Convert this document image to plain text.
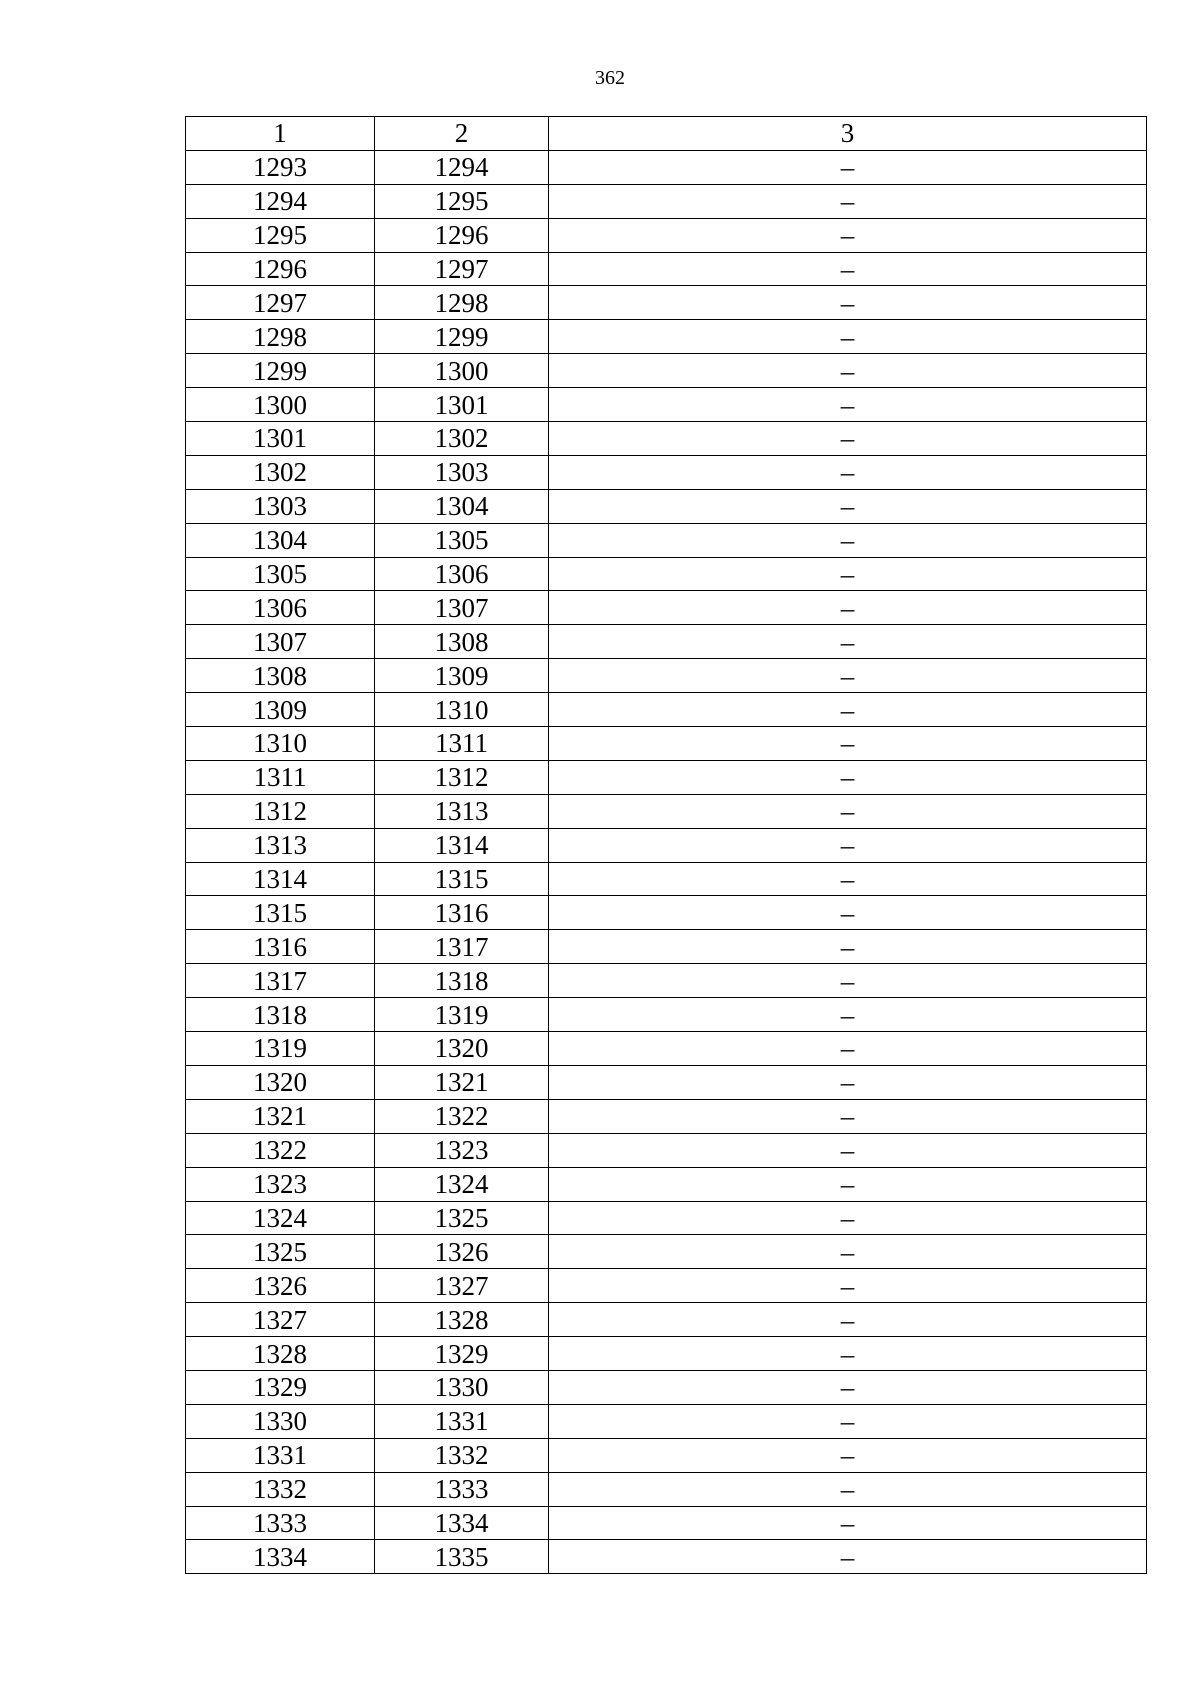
362
1	2	3
1293	1294	–
1294	1295	–
1295	1296	–
1296	1297	–
1297	1298	–
1298	1299	–
1299	1300	–
1300	1301	–
1301	1302	–
1302	1303	–
1303	1304	–
1304	1305	–
1305	1306	–
1306	1307	–
1307	1308	–
1308	1309	–
1309	1310	–
1310	1311	–
1311	1312	–
1312	1313	–
1313	1314	–
1314	1315	–
1315	1316	–
1316	1317	–
1317	1318	–
1318	1319	–
1319	1320	–
1320	1321	–
1321	1322	–
1322	1323	–
1323	1324	–
1324	1325	–
1325	1326	–
1326	1327	–
1327	1328	–
1328	1329	–
1329	1330	–
1330	1331	–
1331	1332	–
1332	1333	–
1333	1334	–
1334	1335	–
